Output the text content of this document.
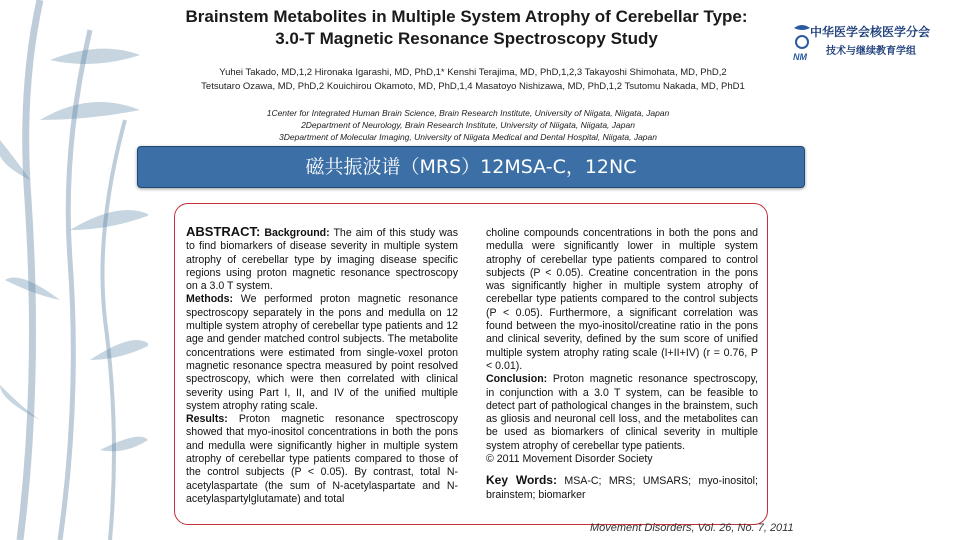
Brainstem Metabolites in Multiple System Atrophy of Cerebellar Type:
3.0-T Magnetic Resonance Spectroscopy Study
Yuhei Takado, MD,1,2 Hironaka Igarashi, MD, PhD,1* Kenshi Terajima, MD, PhD,1,2,3 Takayoshi Shimohata, MD, PhD,2
Tetsutaro Ozawa, MD, PhD,2 Kouichirou Okamoto, MD, PhD,1,4 Masatoyo Nishizawa, MD, PhD,1,2 Tsutomu Nakada, MD, PhD1
1Center for Integrated Human Brain Science, Brain Research Institute, University of Niigata, Niigata, Japan
2Department of Neurology, Brain Research Institute, University of Niigata, Niigata, Japan
3Department of Molecular Imaging, University of Niigata Medical and Dental Hospital, Niigata, Japan
NM
中华医学会核医学分会
技术与继续教育学组
磁共振波谱（MRS）12MSA-C，12NC

ABSTRACT: Background: The aim of this study was to find biomarkers of disease severity in multiple system atrophy of cerebellar type by imaging disease specific regions using proton magnetic resonance spectroscopy on a 3.0 T system.

Methods: We performed proton magnetic resonance spectroscopy separately in the pons and medulla on 12 multiple system atrophy of cerebellar type patients and 12 age and gender matched control subjects. The metabolite concentrations were estimated from single-voxel proton magnetic resonance spectra measured by point resolved spectroscopy, which were then correlated with clinical severity using Part I, II, and IV of the unified multiple system atrophy rating scale.

Results: Proton magnetic resonance spectroscopy showed that myo-inositol concentrations in both the pons and medulla were significantly higher in multiple system atrophy of cerebellar type patients compared to those of the control subjects (P < 0.05). By contrast, total N-acetylaspartate (the sum of N-acetylaspartate and N-acetylaspartylglutamate) and total

choline compounds concentrations in both the pons and medulla were significantly lower in multiple system atrophy of cerebellar type patients compared to control subjects (P < 0.05). Creatine concentration in the pons was significantly higher in multiple system atrophy of cerebellar type patients compared to the control subjects (P < 0.05). Furthermore, a significant correlation was found between the myo-inositol/creatine ratio in the pons and clinical severity, defined by the sum score of unified multiple system atrophy rating scale (I+II+IV) (r = 0.76, P < 0.01).

Conclusion: Proton magnetic resonance spectroscopy, in conjunction with a 3.0 T system, can be feasible to detect part of pathological changes in the brainstem, such as gliosis and neuronal cell loss, and the metabolites can be used as biomarkers of clinical severity in multiple system atrophy of cerebellar type patients.

© 2011 Movement Disorder Society

Key Words: MSA-C; MRS; UMSARS; myo-inositol; brainstem; biomarker

Movement Disorders, Vol. 26, No. 7, 2011
